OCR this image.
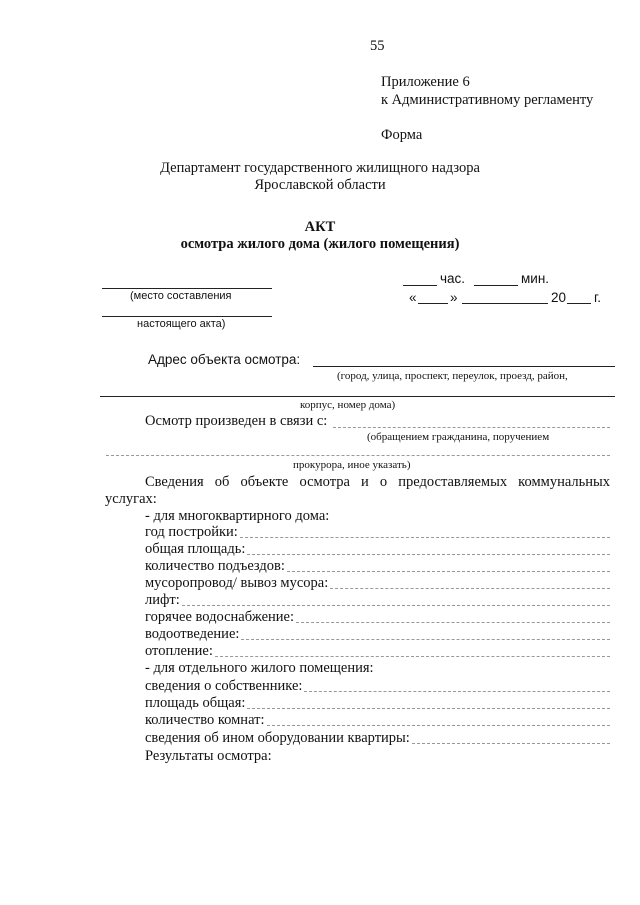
55
Приложение 6
к Административному регламенту
Форма
Департамент государственного жилищного надзора
Ярославской области
АКТ
осмотра жилого дома (жилого помещения)
(место составления
настоящего акта)
час.	мин.
« »	20 г.
Адрес объекта осмотра:
(город, улица, проспект, переулок, проезд, район,
корпус, номер дома)
Осмотр произведен в связи с:
(обращением гражданина, поручением
прокурора, иное указать)
Сведения об объекте осмотра и о предоставляемых коммунальных
услугах:
- для многоквартирного дома:
год постройки:
общая площадь:
количество подъездов:
мусоропровод/ вывоз мусора:
лифт:
горячее водоснабжение:
водоотведение:
отопление:
- для отдельного жилого помещения:
сведения о собственнике:
площадь общая:
количество комнат:
сведения об ином оборудовании квартиры:
Результаты осмотра:
